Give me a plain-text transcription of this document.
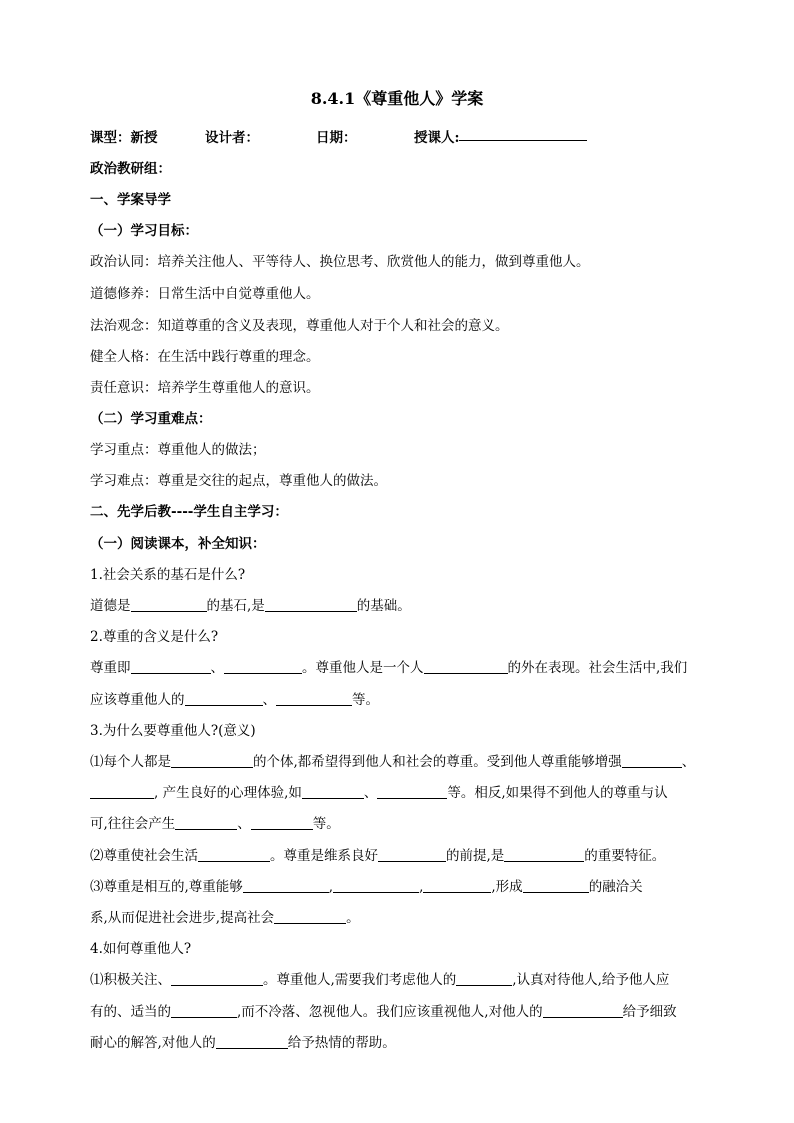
8.4.1《尊重他人》学案
课型：新授	设计者：	日期：	授课人:
政治教研组：
一、学案导学
（一）学习目标：
政治认同：培养关注他人、平等待人、换位思考、欣赏他人的能力，做到尊重他人。
道德修养：日常生活中自觉尊重他人。
法治观念：知道尊重的含义及表现，尊重他人对于个人和社会的意义。
健全人格：在生活中践行尊重的理念。
责任意识：培养学生尊重他人的意识。
（二）学习重难点：
学习重点：尊重他人的做法；
学习难点：尊重是交往的起点，尊重他人的做法。
二、先学后教----学生自主学习：
（一）阅读课本，补全知识：
1.社会关系的基石是什么?
道德是	的基石,是	的基础。
2.尊重的含义是什么?
尊重即	、	。尊重他人是一个人	的外在表现。社会生活中,我们
应该尊重他人的	、	等。
3.为什么要尊重他人?(意义)
⑴每个人都是	的个体,都希望得到他人和社会的尊重。受到他人尊重能够增强	、
, 产生良好的心理体验,如	、	等。相反,如果得不到他人的尊重与认
可,往往会产生	、	等。
⑵尊重使社会生活	。尊重是维系良好	的前提,是	的重要特征。
⑶尊重是相互的,尊重能够	,	,	,形成	的融洽关
系,从而促进社会进步,提高社会	。
4.如何尊重他人?
⑴积极关注、	。尊重他人,需要我们考虑他人的	,认真对待他人,给予他人应
有的、适当的	,而不冷落、忽视他人。我们应该重视他人,对他人的	给予细致
耐心的解答,对他人的	给予热情的帮助。
